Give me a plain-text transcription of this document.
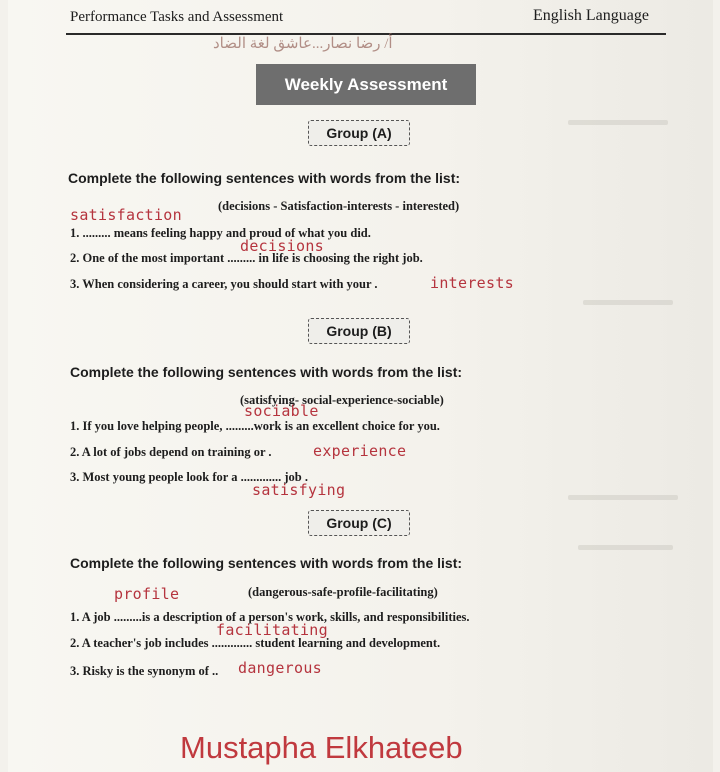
Performance Tasks and Assessment	English Language
أ/ رضا نصار...عاشق لغة الضاد
Weekly Assessment
Group (A)
Complete the following sentences with words from the list:
(decisions - Satisfaction-interests - interested)
satisfaction
1. ......... means feeling happy and proud of what you did.
decisions
2. One of the most important ......... in life is choosing the right job.
3. When considering a career, you should start with your .	interests
Group (B)
Complete the following sentences with words from the list:
(satisfying- social-experience-sociable)
sociable
1. If you love helping people, .........work is an excellent choice for you.
2. A lot of jobs depend on training or .	experience
3. Most young people look for a ............. job .
satisfying
Group (C)
Complete the following sentences with words from the list:
profile	(dangerous-safe-profile-facilitating)
1. A job .........is a description of a person's work, skills, and responsibilities.
facilitating
2. A teacher's job includes ............. student learning and development.
3. Risky is the synonym of .. dangerous
Mustapha Elkhateeb
